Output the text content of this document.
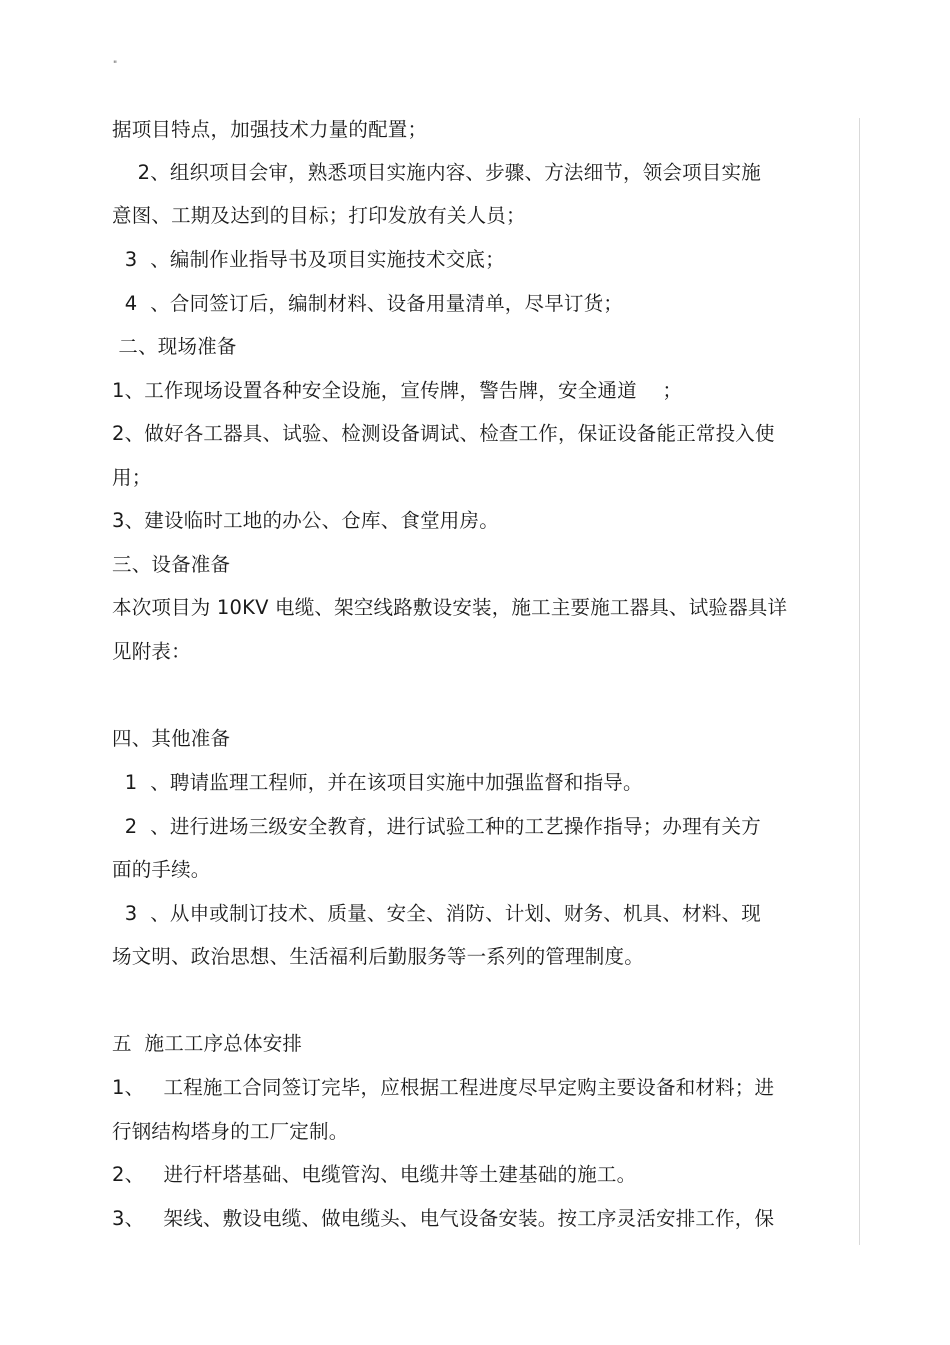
"
据项目特点，加强技术力量的配置；
2、组织项目会审，熟悉项目实施内容、步骤、方法细节，领会项目实施
意图、工期及达到的目标；打印发放有关人员；
3  、编制作业指导书及项目实施技术交底；
4  、合同签订后，编制材料、设备用量清单，尽早订货；
二、现场准备
1、工作现场设置各种安全设施，宣传牌，警告牌，安全通道    ；
2、做好各工器具、试验、检测设备调试、检查工作，保证设备能正常投入使
用；
3、建设临时工地的办公、仓库、食堂用房。
三、设备准备
本次项目为 10KV 电缆、架空线路敷设安装，施工主要施工器具、试验器具详
见附表：
四、其他准备
1  、聘请监理工程师，并在该项目实施中加强监督和指导。
2  、进行进场三级安全教育，进行试验工种的工艺操作指导；办理有关方
面的手续。
3  、从申或制订技术、质量、安全、消防、计划、财务、机具、材料、现
场文明、政治思想、生活福利后勤服务等一系列的管理制度。
五  施工工序总体安排
1、   工程施工合同签订完毕，应根据工程进度尽早定购主要设备和材料；进
行钢结构塔身的工厂定制。
2、   进行杆塔基础、电缆管沟、电缆井等土建基础的施工。
3、   架线、敷设电缆、做电缆头、电气设备安装。按工序灵活安排工作，保
